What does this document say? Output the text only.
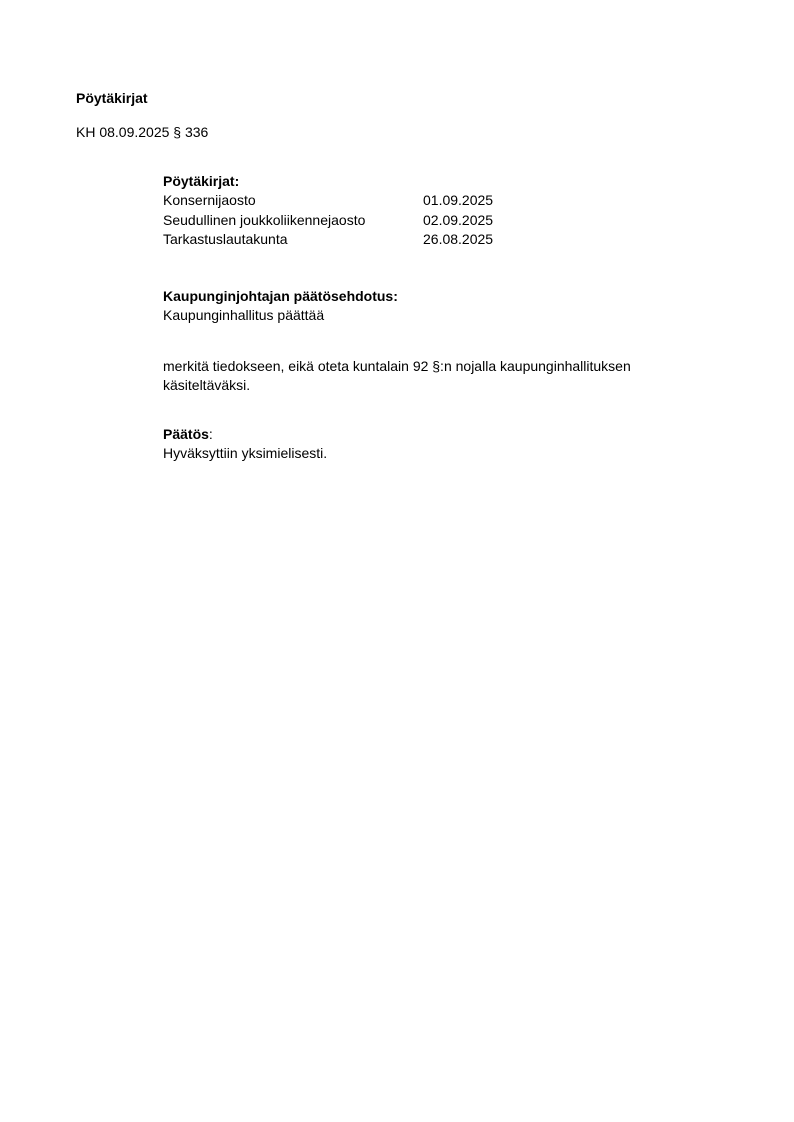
Pöytäkirjat
KH 08.09.2025 § 336
Pöytäkirjat:
Konsernijaosto	01.09.2025
Seudullinen joukkoliikennejaosto	02.09.2025
Tarkastuslautakunta	26.08.2025
Kaupunginjohtajan päätösehdotus:
Kaupunginhallitus päättää
merkitä tiedokseen, eikä oteta kuntalain 92 §:n nojalla kaupunginhallituksen käsiteltäväksi.
Päätös:
Hyväksyttiin yksimielisesti.
